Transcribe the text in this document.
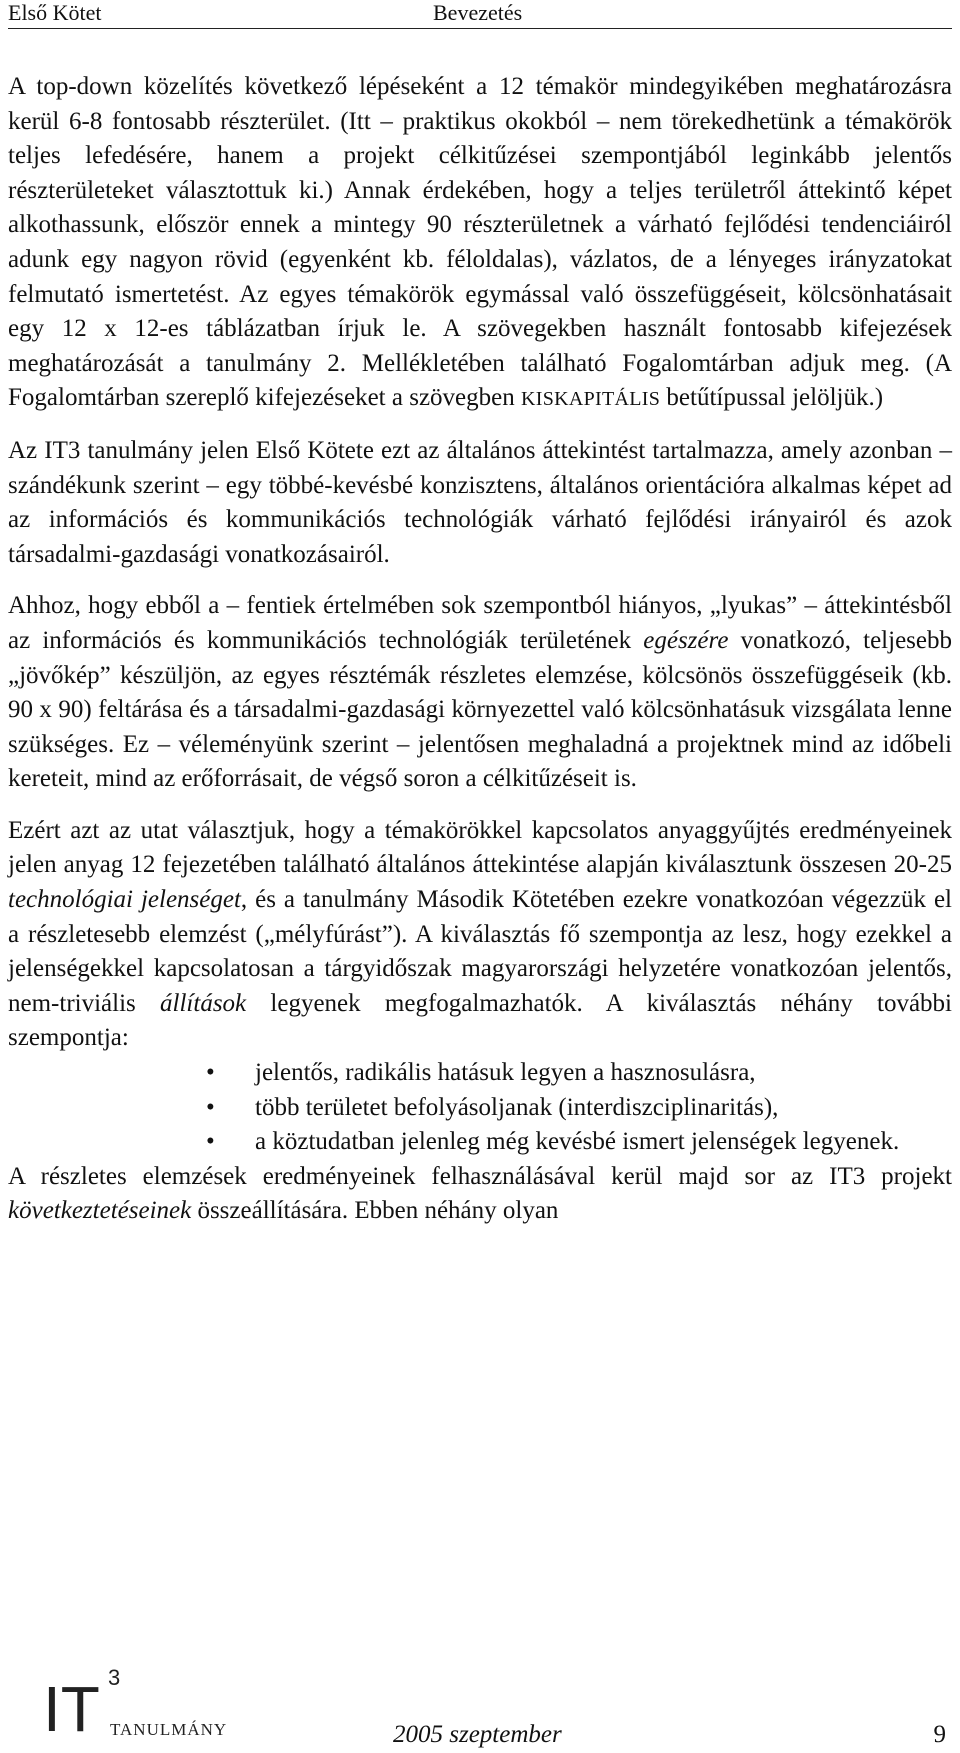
Első Kötet	Bevezetés

A top-down közelítés következő lépéseként a 12 témakör mindegyikében meghatározásra kerül 6-8 fontosabb részterület. (Itt – praktikus okokból – nem törekedhetünk a témakörök teljes lefedésére, hanem a projekt célkitűzései szempontjából leginkább jelentős részterületeket választottuk ki.) Annak érdekében, hogy a teljes területről áttekintő képet alkothassunk, először ennek a mintegy 90 részterületnek a várható fejlődési tendenciáiról adunk egy nagyon rövid (egyenként kb. féloldalas), vázlatos, de a lényeges irányzatokat felmutató ismertetést. Az egyes témakörök egymással való összefüggéseit, kölcsönhatásait egy 12 x 12-es táblázatban írjuk le. A szövegekben használt fontosabb kifejezések meghatározását a tanulmány 2. Mellékletében található Fogalomtárban adjuk meg. (A Fogalomtárban szereplő kifejezéseket a szövegben KISKAPITÁLIS betűtípussal jelöljük.)

Az IT3 tanulmány jelen Első Kötete ezt az általános áttekintést tartalmazza, amely azonban – szándékunk szerint – egy többé-kevésbé konzisztens, általános orientációra alkalmas képet ad az információs és kommunikációs technológiák várható fejlődési irányairól és azok társadalmi-gazdasági vonatkozásairól.

Ahhoz, hogy ebből a – fentiek értelmében sok szempontból hiányos, „lyukas” – áttekintésből az információs és kommunikációs technológiák területének egészére vonatkozó, teljesebb „jövőkép” készüljön, az egyes résztémák részletes elemzése, kölcsönös összefüggéseik (kb. 90 x 90) feltárása és a társadalmi-gazdasági környezettel való kölcsönhatásuk vizsgálata lenne szükséges. Ez – véleményünk szerint – jelentősen meghaladná a projektnek mind az időbeli kereteit, mind az erőforrásait, de végső soron a célkitűzéseit is.

Ezért azt az utat választjuk, hogy a témakörökkel kapcsolatos anyaggyűjtés eredményeinek jelen anyag 12 fejezetében található általános áttekintése alapján kiválasztunk összesen 20-25 technológiai jelenséget, és a tanulmány Második Kötetében ezekre vonatkozóan végezzük el a részletesebb elemzést („mélyfúrást”). A kiválasztás fő szempontja az lesz, hogy ezekkel a jelenségekkel kapcsolatosan a tárgyidőszak magyarországi helyzetére vonatkozóan jelentős, nem-triviális állítások legyenek megfogalmazhatók. A kiválasztás néhány további szempontja:

• jelentős, radikális hatásuk legyen a hasznosulásra,
• több területet befolyásoljanak (interdiszciplinaritás),
• a köztudatban jelenleg még kevésbé ismert jelenségek legyenek.

A részletes elemzések eredményeinek felhasználásával kerül majd sor az IT3 projekt következtetéseinek összeállítására. Ebben néhány olyan

IT 3
TANULMÁNY	2005 szeptember	9
